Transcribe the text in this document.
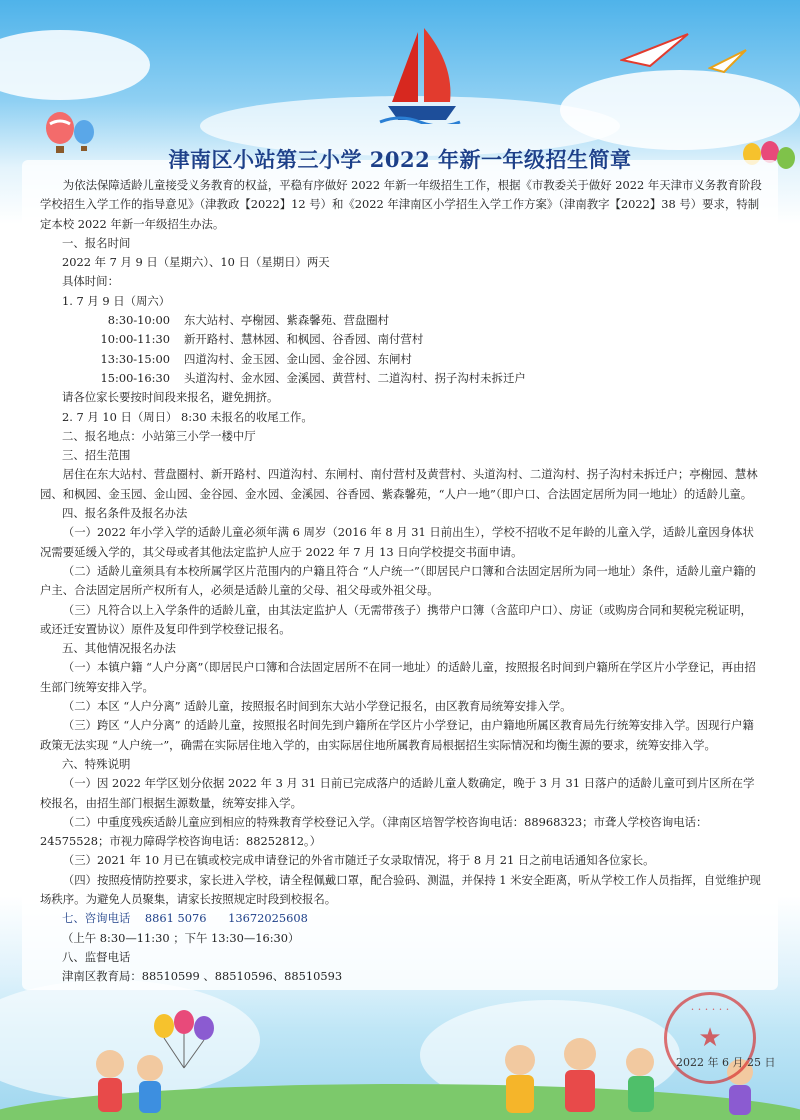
津南区小站第三小学 2022 年新一年级招生简章

为依法保障适龄儿童接受义务教育的权益，平稳有序做好 2022 年新一年级招生工作，根据《市教委关于做好 2022 年天津市义务教育阶段学校招生入学工作的指导意见》（津教政【2022】12 号）和《2022 年津南区小学招生入学工作方案》（津南教字【2022】38 号）要求，特制定本校 2022 年新一年级招生办法。

一、报名时间

2022 年 7 月 9 日（星期六）、10 日（星期日）两天

具体时间：

1. 7 月 9 日（周六）

8:30-10:00	东大站村、亭榭园、紫森馨苑、营盘圈村
10:00-11:30	新开路村、慧林园、和枫园、谷香园、南付营村
13:30-15:00	四道沟村、金玉园、金山园、金谷园、东闸村
15:00-16:30	头道沟村、金水园、金溪园、黄营村、二道沟村、拐子沟村未拆迁户

请各位家长要按时间段来报名，避免拥挤。

2. 7 月 10 日（周日） 8:30 未报名的收尾工作。

二、报名地点：小站第三小学一楼中厅

三、招生范围

居住在东大站村、营盘圈村、新开路村、四道沟村、东闸村、南付营村及黄营村、头道沟村、二道沟村、拐子沟村未拆迁户；亭榭园、慧林园、和枫园、金玉园、金山园、金谷园、金水园、金溪园、谷香园、紫森馨苑，“人户一地”（即户口、合法固定居所为同一地址）的适龄儿童。

四、报名条件及报名办法

（一）2022 年小学入学的适龄儿童必须年满 6 周岁（2016 年 8 月 31 日前出生），学校不招收不足年龄的儿童入学，适龄儿童因身体状况需要延缓入学的，其父母或者其他法定监护人应于 2022 年 7 月 13 日向学校提交书面申请。

（二）适龄儿童须具有本校所属学区片范围内的户籍且符合 “人户统一”（即居民户口簿和合法固定居所为同一地址）条件，适龄儿童户籍的户主、合法固定居所产权所有人，必须是适龄儿童的父母、祖父母或外祖父母。

（三）凡符合以上入学条件的适龄儿童，由其法定监护人（无需带孩子）携带户口簿（含蓝印户口）、房证（或购房合同和契税完税证明，或还迁安置协议）原件及复印件到学校登记报名。

五、其他情况报名办法

（一）本镇户籍 “人户分离”（即居民户口簿和合法固定居所不在同一地址）的适龄儿童，按照报名时间到户籍所在学区片小学登记，再由招生部门统筹安排入学。

（二）本区 “人户分离” 适龄儿童，按照报名时间到东大站小学登记报名，由区教育局统筹安排入学。

（三）跨区 “人户分离” 的适龄儿童，按照报名时间先到户籍所在学区片小学登记，由户籍地所属区教育局先行统筹安排入学。因现行户籍政策无法实现 “人户统一”，确需在实际居住地入学的，由实际居住地所属教育局根据招生实际情况和均衡生源的要求，统筹安排入学。

六、特殊说明

（一）因 2022 年学区划分依据 2022 年 3 月 31 日前已完成落户的适龄儿童人数确定，晚于 3 月 31 日落户的适龄儿童可到片区所在学校报名，由招生部门根据生源数量，统筹安排入学。

（二）中重度残疾适龄儿童应到相应的特殊教育学校登记入学。（津南区培智学校咨询电话：88968323；市聋人学校咨询电话：24575528；市视力障碍学校咨询电话：88252812。）

（三）2021 年 10 月已在镇或校完成申请登记的外省市随迁子女录取情况，将于 8 月 21 日之前电话通知各位家长。

（四）按照疫情防控要求，家长进入学校，请全程佩戴口罩，配合验码、测温，并保持 1 米安全距离，听从学校工作人员指挥，自觉维护现场秩序。为避免人员聚集，请家长按照规定时段到校报名。

七、咨询电话 8861 5076      13672025608

（上午 8:30—11:30 ；下午 13:30—16:30）

八、监督电话

津南区教育局：88510599 、88510596、88510593

· · · · · ·
★
2022 年 6 月 25 日
